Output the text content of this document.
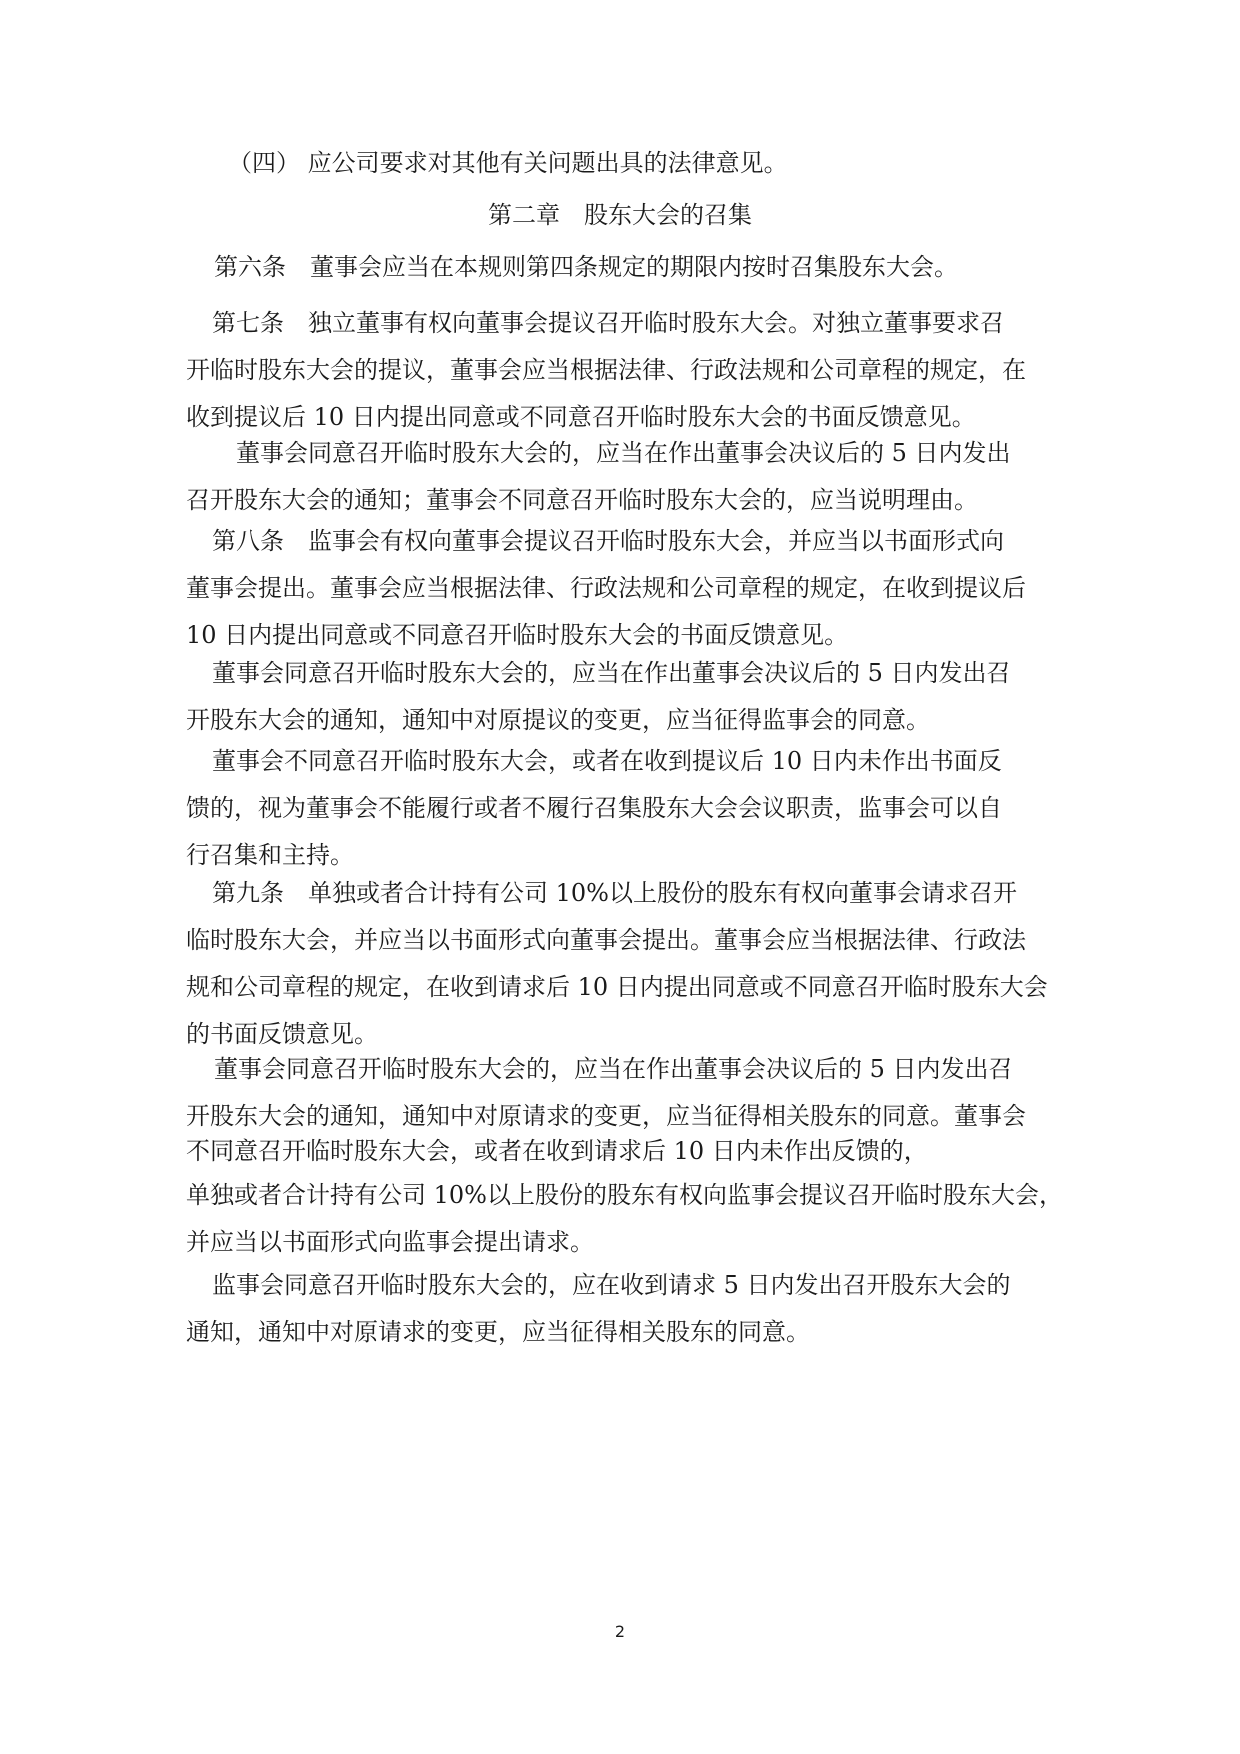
（四） 应公司要求对其他有关问题出具的法律意见。
第二章　股东大会的召集
第六条　董事会应当在本规则第四条规定的期限内按时召集股东大会。
第七条　独立董事有权向董事会提议召开临时股东大会。对独立董事要求召
开临时股东大会的提议，董事会应当根据法律、行政法规和公司章程的规定，在
收到提议后 10 日内提出同意或不同意召开临时股东大会的书面反馈意见。
董事会同意召开临时股东大会的，应当在作出董事会决议后的 5 日内发出
召开股东大会的通知；董事会不同意召开临时股东大会的，应当说明理由。
第八条　监事会有权向董事会提议召开临时股东大会，并应当以书面形式向
董事会提出。董事会应当根据法律、行政法规和公司章程的规定，在收到提议后
10 日内提出同意或不同意召开临时股东大会的书面反馈意见。
董事会同意召开临时股东大会的，应当在作出董事会决议后的 5 日内发出召
开股东大会的通知，通知中对原提议的变更，应当征得监事会的同意。
董事会不同意召开临时股东大会，或者在收到提议后 10 日内未作出书面反
馈的，视为董事会不能履行或者不履行召集股东大会会议职责，监事会可以自
行召集和主持。
第九条　单独或者合计持有公司 10%以上股份的股东有权向董事会请求召开
临时股东大会，并应当以书面形式向董事会提出。董事会应当根据法律、行政法
规和公司章程的规定，在收到请求后 10 日内提出同意或不同意召开临时股东大会
的书面反馈意见。
董事会同意召开临时股东大会的，应当在作出董事会决议后的 5 日内发出召
开股东大会的通知，通知中对原请求的变更，应当征得相关股东的同意。董事会
不同意召开临时股东大会，或者在收到请求后 10 日内未作出反馈的，
单独或者合计持有公司 10%以上股份的股东有权向监事会提议召开临时股东大会，
并应当以书面形式向监事会提出请求。
监事会同意召开临时股东大会的，应在收到请求 5 日内发出召开股东大会的
通知，通知中对原请求的变更，应当征得相关股东的同意。
2
